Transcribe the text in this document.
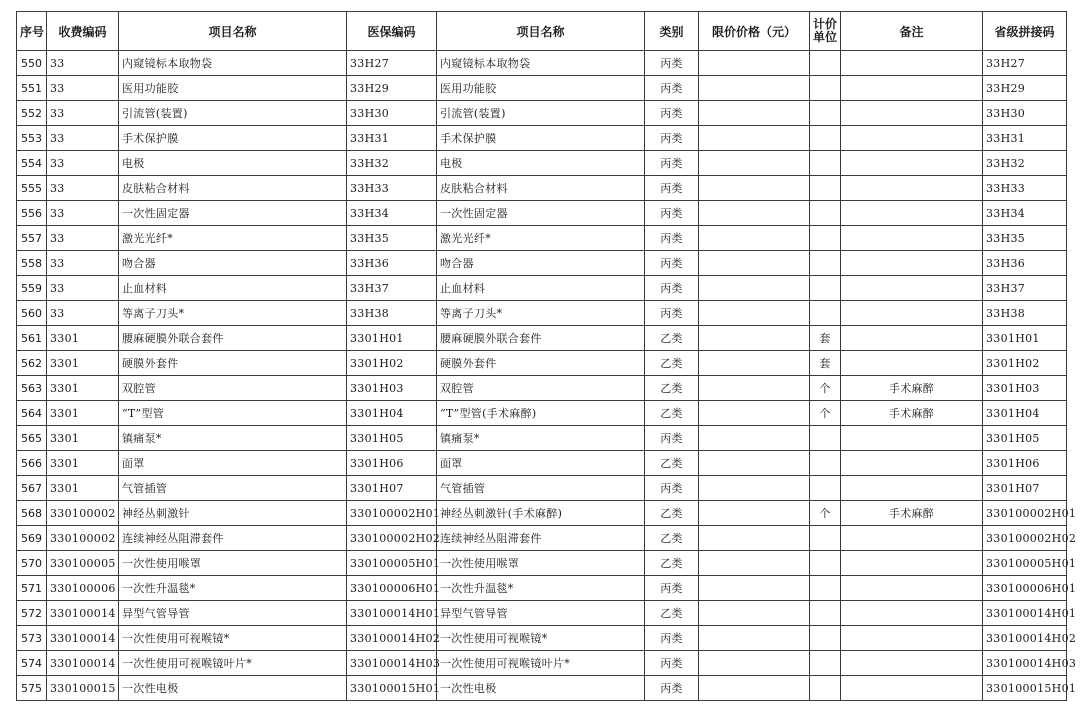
序号	收费编码	项目名称	医保编码	项目名称	类别	限价价格（元）	计价单位	备注	省级拼接码
550	33	内窥镜标本取物袋	33H27	内窥镜标本取物袋	丙类				33H27
551	33	医用功能胶	33H29	医用功能胶	丙类				33H29
552	33	引流管(装置)	33H30	引流管(装置)	丙类				33H30
553	33	手术保护膜	33H31	手术保护膜	丙类				33H31
554	33	电极	33H32	电极	丙类				33H32
555	33	皮肤粘合材料	33H33	皮肤粘合材料	丙类				33H33
556	33	一次性固定器	33H34	一次性固定器	丙类				33H34
557	33	激光光纤*	33H35	激光光纤*	丙类				33H35
558	33	吻合器	33H36	吻合器	丙类				33H36
559	33	止血材料	33H37	止血材料	丙类				33H37
560	33	等离子刀头*	33H38	等离子刀头*	丙类				33H38
561	3301	腰麻硬膜外联合套件	3301H01	腰麻硬膜外联合套件	乙类		套		3301H01
562	3301	硬膜外套件	3301H02	硬膜外套件	乙类		套		3301H02
563	3301	双腔管	3301H03	双腔管	乙类		个	手术麻醉	3301H03
564	3301	“T”型管	3301H04	“T”型管(手术麻醉)	乙类		个	手术麻醉	3301H04
565	3301	镇痛泵*	3301H05	镇痛泵*	丙类				3301H05
566	3301	面罩	3301H06	面罩	乙类				3301H06
567	3301	气管插管	3301H07	气管插管	丙类				3301H07
568	330100002	神经丛刺激针	330100002H01	神经丛刺激针(手术麻醉)	乙类		个	手术麻醉	330100002H01
569	330100002	连续神经丛阻滞套件	330100002H02	连续神经丛阻滞套件	乙类				330100002H02
570	330100005	一次性使用喉罩	330100005H01	一次性使用喉罩	乙类				330100005H01
571	330100006	一次性升温毯*	330100006H01	一次性升温毯*	丙类				330100006H01
572	330100014	异型气管导管	330100014H01	异型气管导管	乙类				330100014H01
573	330100014	一次性使用可视喉镜*	330100014H02	一次性使用可视喉镜*	丙类				330100014H02
574	330100014	一次性使用可视喉镜叶片*	330100014H03	一次性使用可视喉镜叶片*	丙类				330100014H03
575	330100015	一次性电极	330100015H01	一次性电极	丙类				330100015H01
